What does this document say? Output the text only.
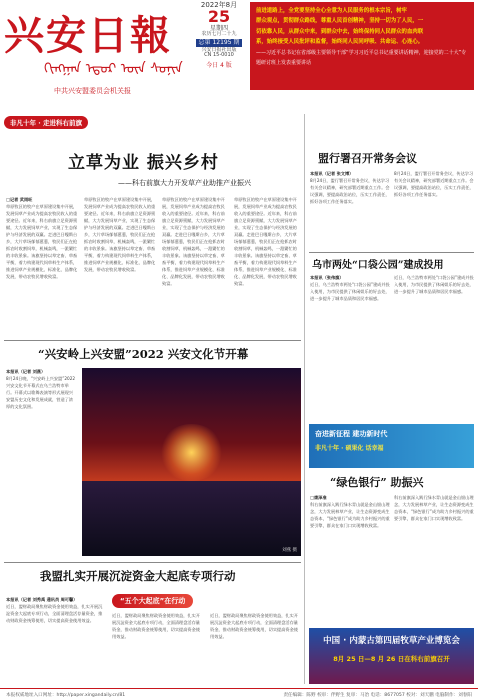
兴安日報
ᠬᠢᠩᠭᠠᠨ ᠡᠳᠦᠷ ᠦᠨ ᠰᠣᠨᠢᠨ
中共兴安盟委员会机关报
2022年8月
25
星期四
农历七月二十九
总第 12195 期
兴安日报社出版
CN 15-0010
今日 4 版

前进道路上，全党要坚持全心全意为人民服务的根本宗旨，树牢

群众观点，贯彻群众路线，尊重人民首创精神，坚持一切为了人民，一

切依靠人民，从群众中来，到群众中去，始终保持同人民群众的血肉联

系，始终接受人民批评和监督，始终同人民同呼吸、共命运、心连心。

——习近平总书记在省部级主要领导干部“学习习近平总书记重要讲话精神，迎接党的二十大”专题研讨班上发表重要讲话

非凡十年 · 走进科右前旗
立草为业 振兴乡村
——科右前旗大力开发草产业助推产业振兴
□记者 武雨旺
草原牧区的牧户在草原建设集中开展，发展饲草产业成为提高农牧民收入的重要途径。近年来，科右前旗立足资源禀赋，大力发展饲草产业，实现了生态保护与经济发展的双赢。走进巴日嘎斯台乡，大片草场郁郁葱葱，牧民们正在抢抓农时收割饲草，机械轰鸣，一派繁忙的丰收景象。该旗坚持以草定畜、草畜平衡，着力构建现代饲草料生产体系，推进饲草产业规模化、标准化、品牌化发展，带动农牧民增收致富。
草原牧区的牧户在草原建设集中开展，发展饲草产业成为提高农牧民收入的重要途径。近年来，科右前旗立足资源禀赋，大力发展饲草产业，实现了生态保护与经济发展的双赢。走进巴日嘎斯台乡，大片草场郁郁葱葱，牧民们正在抢抓农时收割饲草，机械轰鸣，一派繁忙的丰收景象。该旗坚持以草定畜、草畜平衡，着力构建现代饲草料生产体系，推进饲草产业规模化、标准化、品牌化发展，带动农牧民增收致富。
草原牧区的牧户在草原建设集中开展，发展饲草产业成为提高农牧民收入的重要途径。近年来，科右前旗立足资源禀赋，大力发展饲草产业，实现了生态保护与经济发展的双赢。走进巴日嘎斯台乡，大片草场郁郁葱葱，牧民们正在抢抓农时收割饲草，机械轰鸣，一派繁忙的丰收景象。该旗坚持以草定畜、草畜平衡，着力构建现代饲草料生产体系，推进饲草产业规模化、标准化、品牌化发展，带动农牧民增收致富。
草原牧区的牧户在草原建设集中开展，发展饲草产业成为提高农牧民收入的重要途径。近年来，科右前旗立足资源禀赋，大力发展饲草产业，实现了生态保护与经济发展的双赢。走进巴日嘎斯台乡，大片草场郁郁葱葱，牧民们正在抢抓农时收割饲草，机械轰鸣，一派繁忙的丰收景象。该旗坚持以草定畜、草畜平衡，着力构建现代饲草料生产体系，推进饲草产业规模化、标准化、品牌化发展，带动农牧民增收致富。
“兴安岭上兴安盟”2022 兴安文化节开幕
本报讯（记者 刘燕）
8月24日晚，“兴安岭上兴安盟”2022兴安文化节开幕式在乌兰浩特市举行。开幕式以歌舞表演等形式展现兴安盟历史文化和发展成就，营造了浓厚的文化氛围。
刘燕 摄
我盟扎实开展沉淀资金大起底专项行动
“五个大起底”在行动
本报讯（记者 刘秀禹 通讯员 周可馨）
近日，盟财政局聚焦财政资金使用效益，扎实开展沉淀资金大起底专项行动，全面清理盘活存量资金，推动财政资金统筹使用，切实提高资金使用效益。
近日，盟财政局聚焦财政资金使用效益，扎实开展沉淀资金大起底专项行动，全面清理盘活存量资金，推动财政资金统筹使用，切实提高资金使用效益。
近日，盟财政局聚焦财政资金使用效益，扎实开展沉淀资金大起底专项行动，全面清理盘活存量资金，推动财政资金统筹使用，切实提高资金使用效益。
盟行署召开常务会议
本报讯（记者 张文博）
8月24日，盟行署召开常务会议，传达学习有关会议精神，研究部署近期重点工作。会议强调，要提高政治站位，压实工作责任，抓好各项工作任务落实。
8月24日，盟行署召开常务会议，传达学习有关会议精神，研究部署近期重点工作。会议强调，要提高政治站位，压实工作责任，抓好各项工作任务落实。
乌市两处“口袋公园”建成投用
本报讯（张伟旗）
近日，乌兰浩特市两处“口袋公园”建成并投入使用，为市民提供了休闲娱乐的好去处，进一步提升了城市品质和居民幸福感。
近日，乌兰浩特市两处“口袋公园”建成并投入使用，为市民提供了休闲娱乐的好去处，进一步提升了城市品质和居民幸福感。
奋进新征程 建功新时代
非凡十年 · 硕果化 话幸福
“绿色银行” 助振兴
□康泽准
科右前旗深入践行绿水青山就是金山银山理念，大力发展林草产业，让生态资源变成生态资本，“绿色银行”成为助力乡村振兴的重要引擎，群众在家门口实现增收致富。
科右前旗深入践行绿水青山就是金山银山理念，大力发展林草产业，让生态资源变成生态资本，“绿色银行”成为助力乡村振兴的重要引擎，群众在家门口实现增收致富。
中国 · 内蒙古第四届牧草产业博览会
8月 25 日—8 月 26 日在科右前旗召开
本报权威地址入口网址：http://paper.xingandaily.cn/81	责任编辑：陈野 校审：伴野生 复审：马冶 电话：8677057 校对：刘天鹏 电脑制作：刘春阳
